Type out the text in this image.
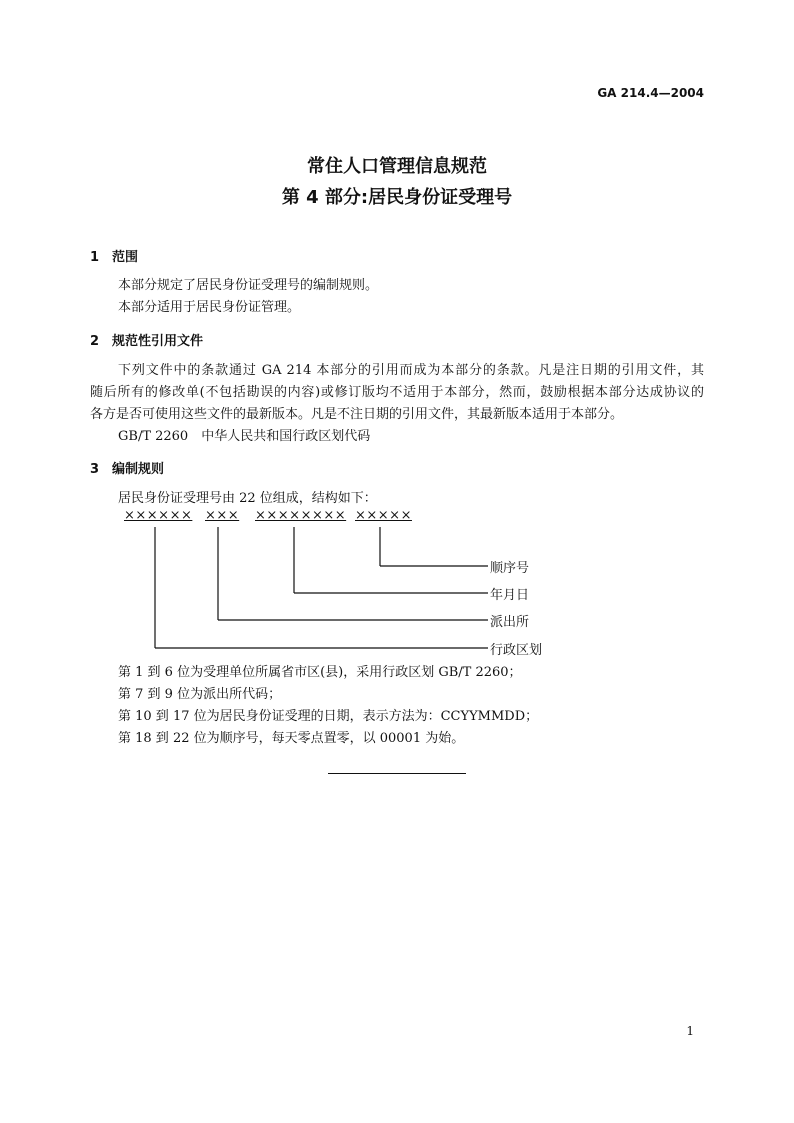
GA 214.4—2004
常住人口管理信息规范
第 4 部分:居民身份证受理号
1 范围
本部分规定了居民身份证受理号的编制规则。
本部分适用于居民身份证管理。
2 规范性引用文件
下列文件中的条款通过 GA 214 本部分的引用而成为本部分的条款。凡是注日期的引用文件，其
随后所有的修改单(不包括勘误的内容)或修订版均不适用于本部分，然而，鼓励根据本部分达成协议的
各方是否可使用这些文件的最新版本。凡是不注日期的引用文件，其最新版本适用于本部分。
GB/T 2260　中华人民共和国行政区划代码
3 编制规则
居民身份证受理号由 22 位组成，结构如下：
×××××× ××× ×××××××× ×××××
顺序号
年月日
派出所
行政区划
第 1 到 6 位为受理单位所属省市区(县)，采用行政区划 GB/T 2260；
第 7 到 9 位为派出所代码；
第 10 到 17 位为居民身份证受理的日期，表示方法为：CCYYMMDD；
第 18 到 22 位为顺序号，每天零点置零，以 00001 为始。
1
